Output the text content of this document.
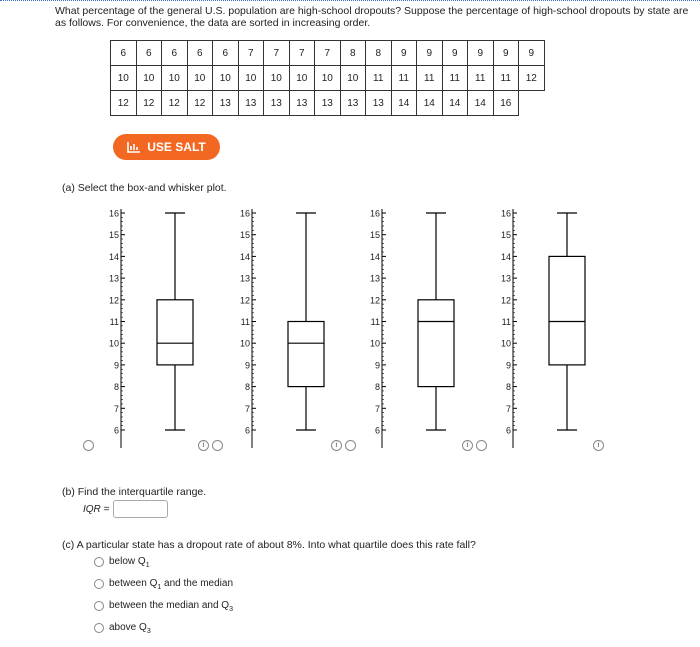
What percentage of the general U.S. population are high-school dropouts? Suppose the percentage of high-school dropouts by state are as follows. For convenience, the data are sorted in increasing order.
6	6	6	6	6	7	7	7	7	8	8	9	9	9	9	9	9
10	10	10	10	10	10	10	10	10	10	11	11	11	11	11	11	12
12	12	12	12	13	13	13	13	13	13	13	14	14	14	14	16	
USE SALT
(a) Select the box-and whisker plot.
16
15
14
13
12
11
10
9
8
7
6
16
15
14
13
12
11
10
9
8
7
6
16
15
14
13
12
11
10
9
8
7
6
16
15
14
13
12
11
10
9
8
7
6
i	i	i	i
(b) Find the interquartile range.
IQR =
(c) A particular state has a dropout rate of about 8%. Into what quartile does this rate fall?
below $Q_1$
between $Q_1$ and the median
between the median and $Q_3$
above $Q_3$
